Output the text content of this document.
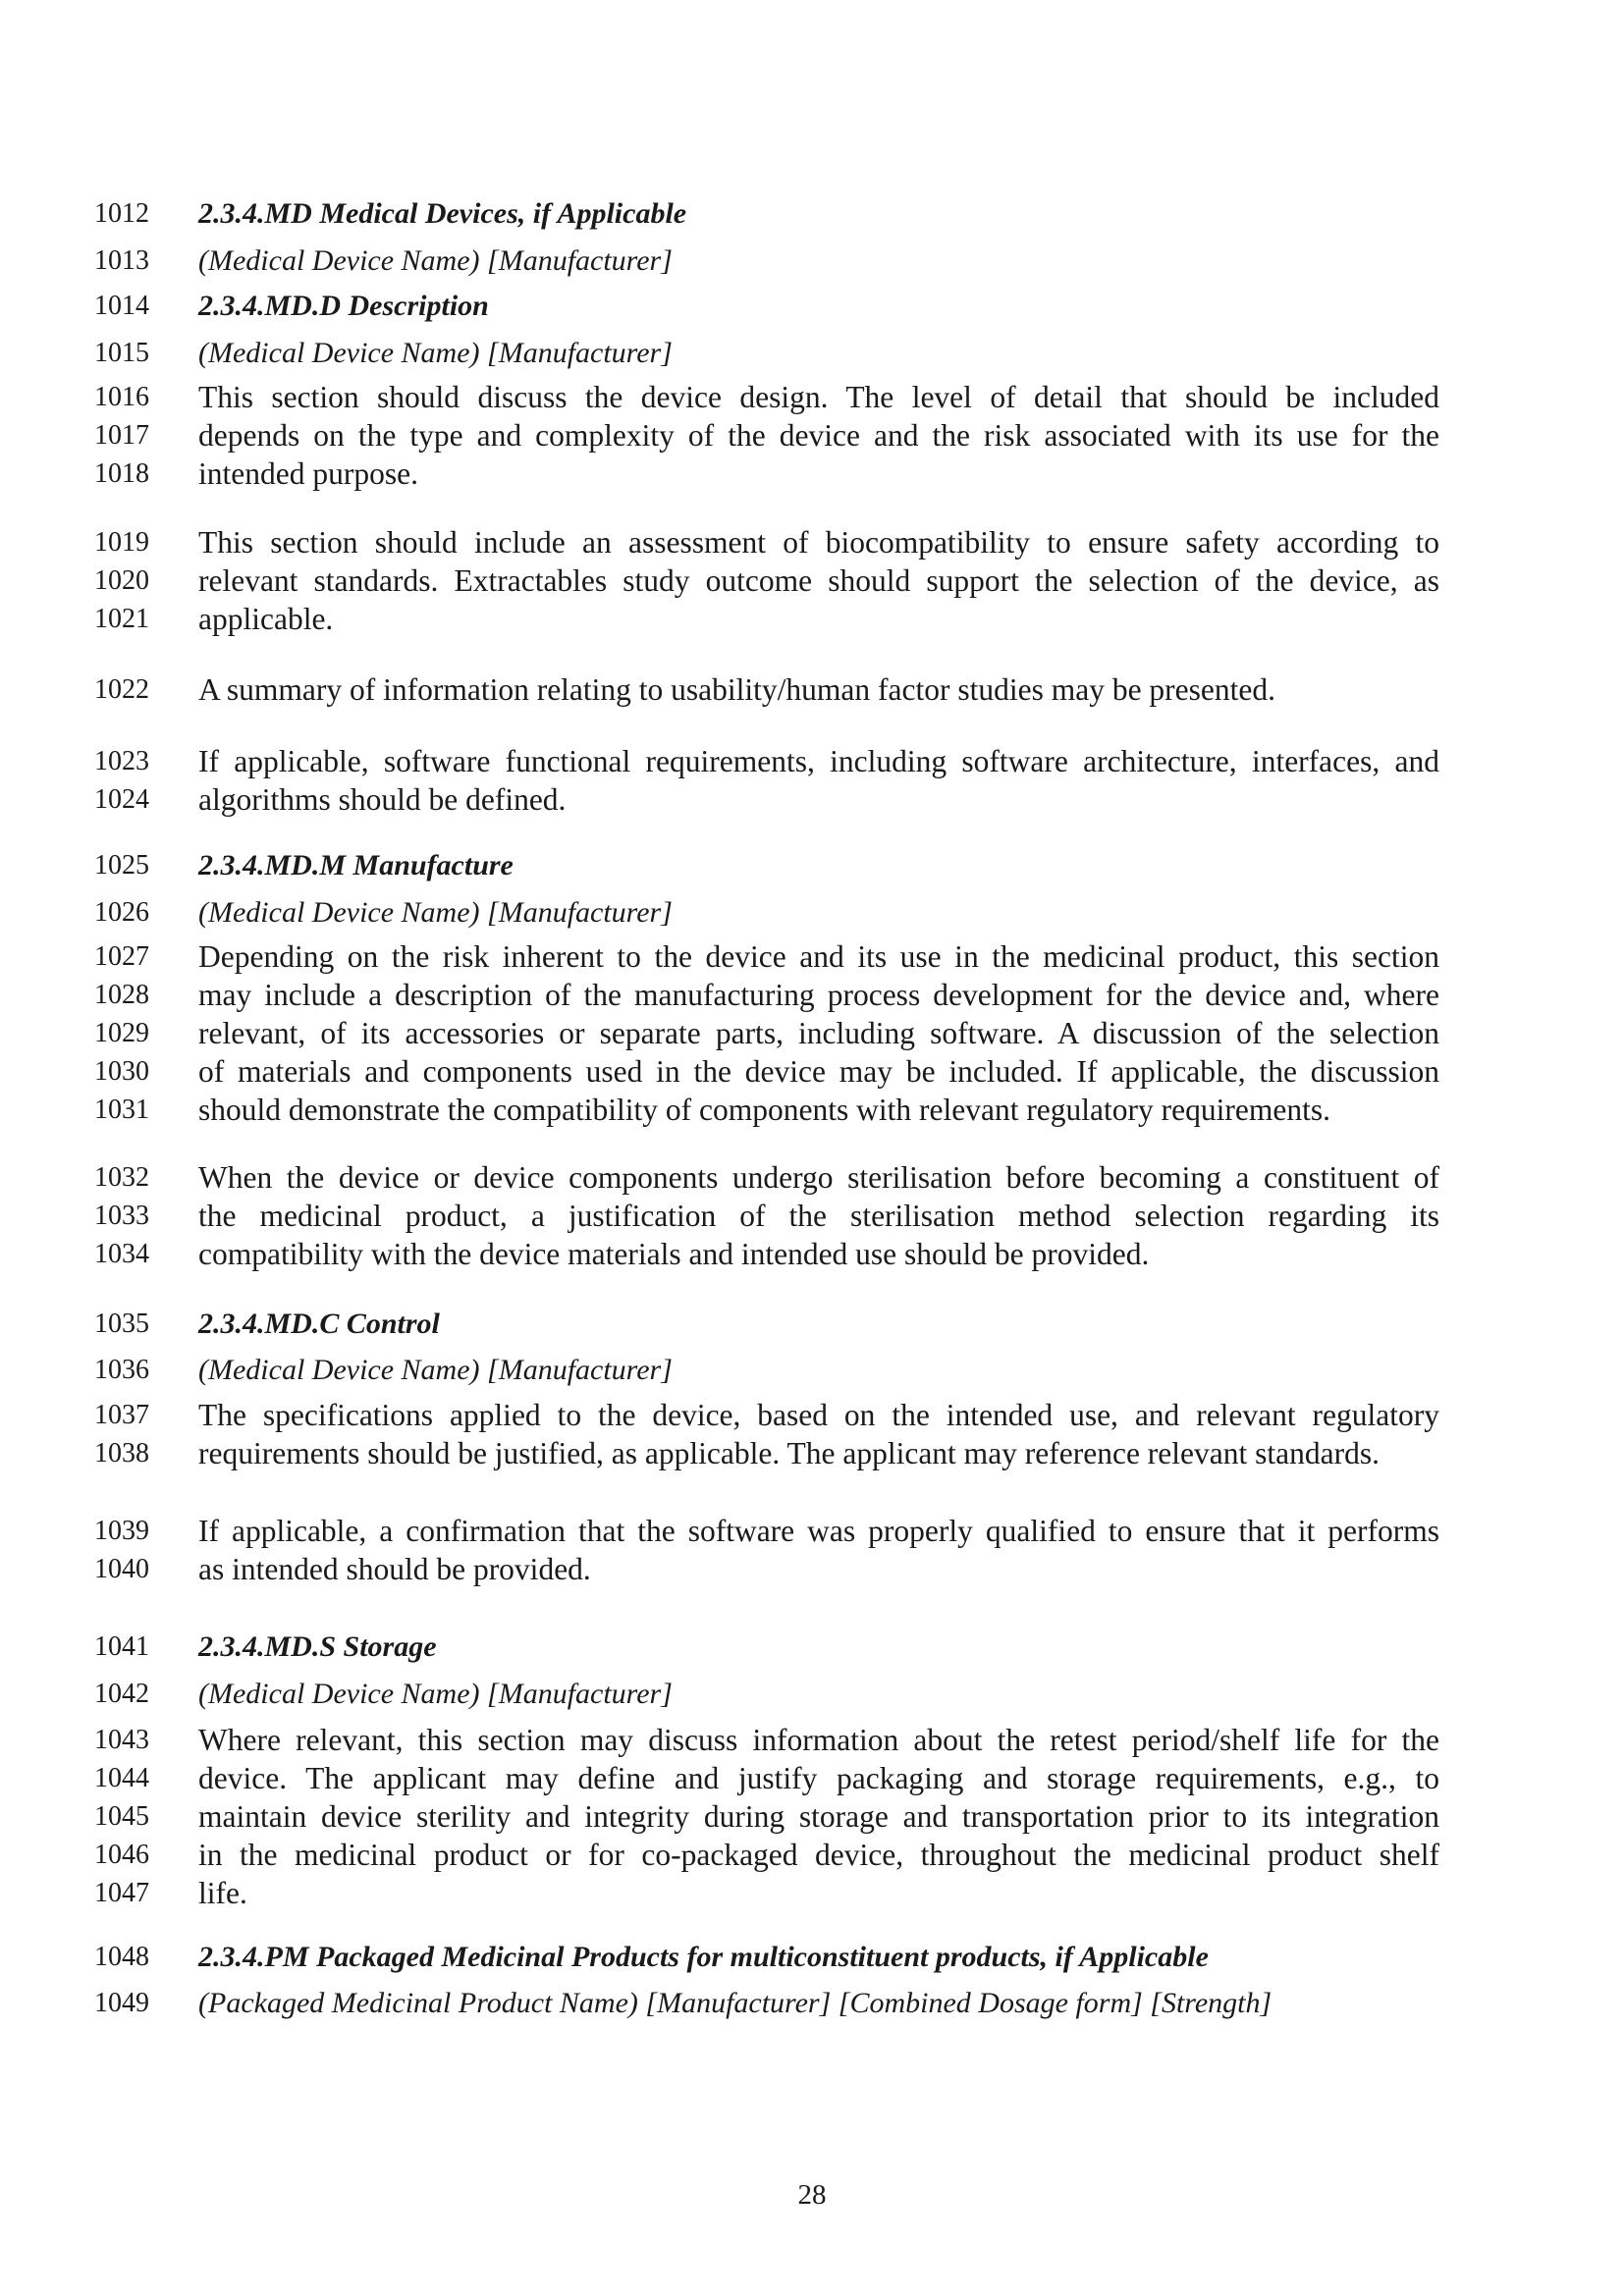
1012 2.3.4.MD Medical Devices, if Applicable
1013 (Medical Device Name) [Manufacturer]
1014 2.3.4.MD.D Description
1015 (Medical Device Name) [Manufacturer]
1016 This section should discuss the device design. The level of detail that should be included
1017 depends on the type and complexity of the device and the risk associated with its use for the
1018 intended purpose.
1019 This section should include an assessment of biocompatibility to ensure safety according to
1020 relevant standards. Extractables study outcome should support the selection of the device, as
1021 applicable.
1022 A summary of information relating to usability/human factor studies may be presented.
1023 If applicable, software functional requirements, including software architecture, interfaces, and
1024 algorithms should be defined.
1025 2.3.4.MD.M Manufacture
1026 (Medical Device Name) [Manufacturer]
1027 Depending on the risk inherent to the device and its use in the medicinal product, this section
1028 may include a description of the manufacturing process development for the device and, where
1029 relevant, of its accessories or separate parts, including software. A discussion of the selection
1030 of materials and components used in the device may be included. If applicable, the discussion
1031 should demonstrate the compatibility of components with relevant regulatory requirements.
1032 When the device or device components undergo sterilisation before becoming a constituent of
1033 the medicinal product, a justification of the sterilisation method selection regarding its
1034 compatibility with the device materials and intended use should be provided.
1035 2.3.4.MD.C Control
1036 (Medical Device Name) [Manufacturer]
1037 The specifications applied to the device, based on the intended use, and relevant regulatory
1038 requirements should be justified, as applicable. The applicant may reference relevant standards.
1039 If applicable, a confirmation that the software was properly qualified to ensure that it performs
1040 as intended should be provided.
1041 2.3.4.MD.S Storage
1042 (Medical Device Name) [Manufacturer]
1043 Where relevant, this section may discuss information about the retest period/shelf life for the
1044 device. The applicant may define and justify packaging and storage requirements, e.g., to
1045 maintain device sterility and integrity during storage and transportation prior to its integration
1046 in the medicinal product or for co-packaged device, throughout the medicinal product shelf
1047 life.
1048 2.3.4.PM Packaged Medicinal Products for multiconstituent products, if Applicable
1049 (Packaged Medicinal Product Name) [Manufacturer] [Combined Dosage form] [Strength]
28
